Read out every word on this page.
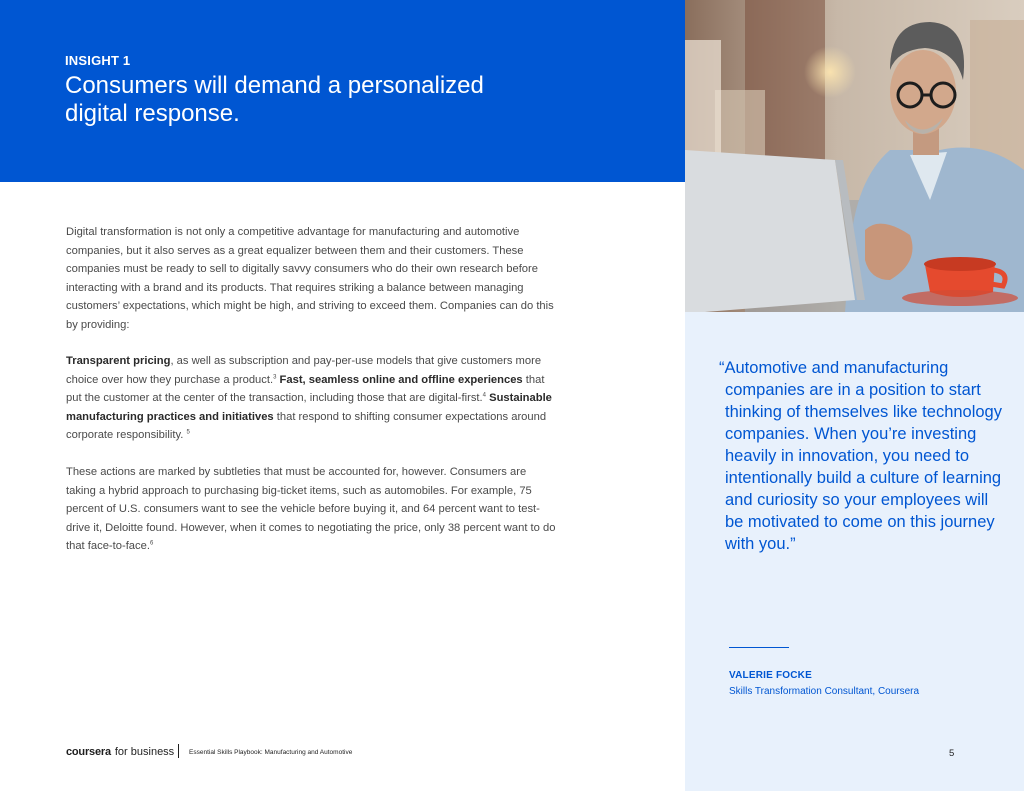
INSIGHT 1
Consumers will demand a personalized digital response.

Digital transformation is not only a competitive advantage for manufacturing and automotive companies, but it also serves as a great equalizer between them and their customers. These companies must be ready to sell to digitally savvy consumers who do their own research before interacting with a brand and its products. That requires striking a balance between managing customers’ expectations, which might be high, and striving to exceed them. Companies can do this by providing:

Transparent pricing, as well as subscription and pay-per-use models that give customers more choice over how they purchase a product.$^3$ Fast, seamless online and offline experiences that put the customer at the center of the transaction, including those that are digital-first.$^4$ Sustainable manufacturing practices and initiatives that respond to shifting consumer expectations around corporate responsibility. $^5$

These actions are marked by subtleties that must be accounted for, however. Consumers are taking a hybrid approach to purchasing big-ticket items, such as automobiles. For example, 75 percent of U.S. consumers want to see the vehicle before buying it, and 64 percent want to test-drive it, Deloitte found. However, when it comes to negotiating the price, only 38 percent want to do that face-to-face.$^6$

“Automotive and manufacturing companies are in a position to start thinking of themselves like technology companies. When you’re investing heavily in innovation, you need to intentionally build a culture of learning and curiosity so your employees will be motivated to come on this journey with you.”

VALERIE FOCKE
Skills Transformation Consultant, Coursera
coursera for business Essential Skills Playbook: Manufacturing and Automotive	5
